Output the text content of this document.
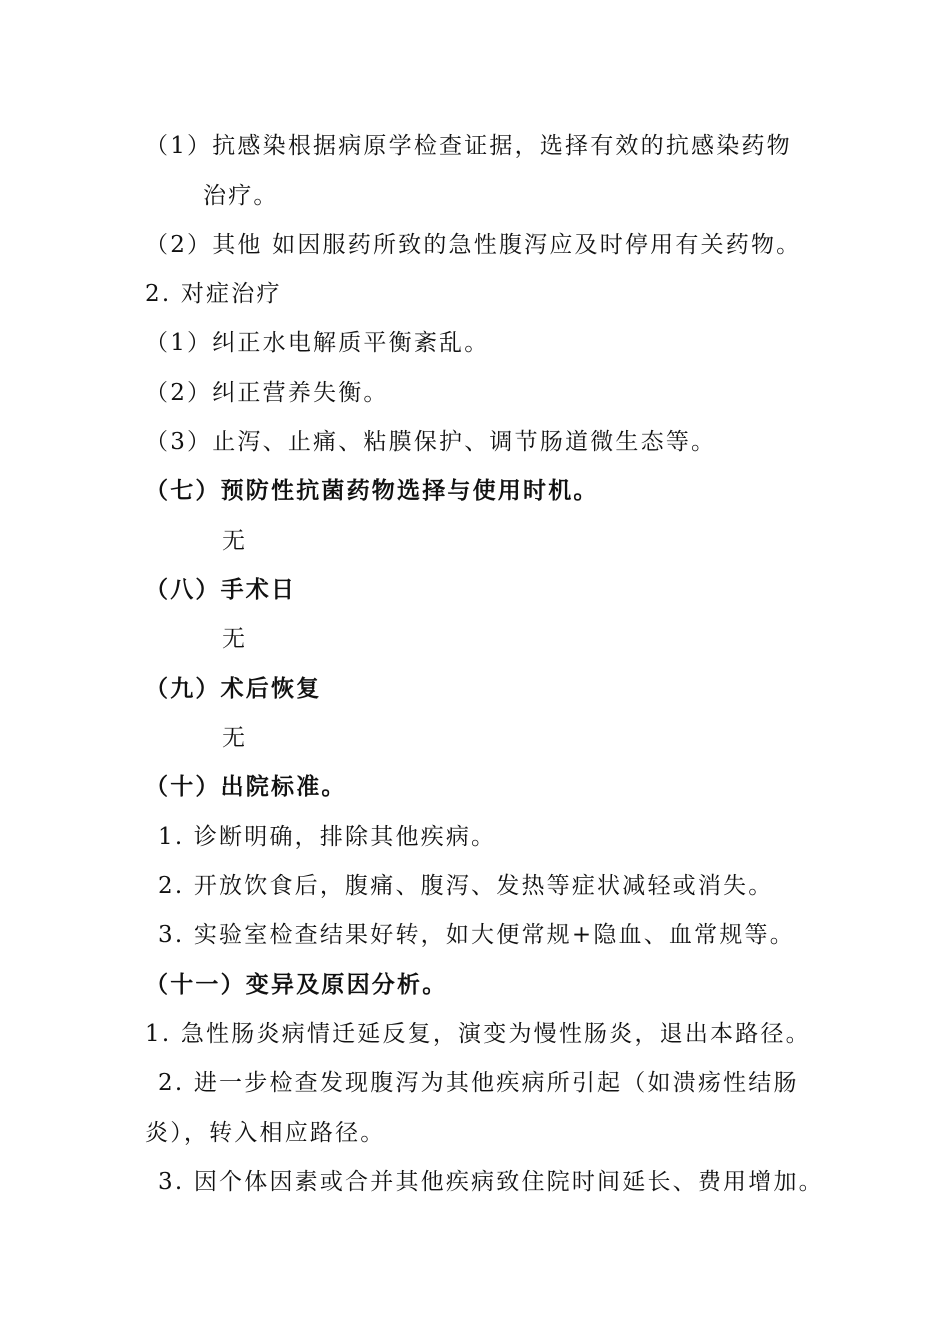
（1）抗感染根据病原学检查证据，选择有效的抗感染药物
治疗。
（2）其他 如因服药所致的急性腹泻应及时停用有关药物。
2. 对症治疗
（1）纠正水电解质平衡紊乱。
（2）纠正营养失衡。
（3）止泻、止痛、粘膜保护、调节肠道微生态等。
（七）预防性抗菌药物选择与使用时机。
无
（八）手术日
无
（九）术后恢复
无
（十）出院标准。
1. 诊断明确，排除其他疾病。
2. 开放饮食后，腹痛、腹泻、发热等症状减轻或消失。
3. 实验室检查结果好转，如大便常规+隐血、血常规等。
（十一）变异及原因分析。
1. 急性肠炎病情迁延反复，演变为慢性肠炎，退出本路径。
2. 进一步检查发现腹泻为其他疾病所引起（如溃疡性结肠
炎），转入相应路径。
3. 因个体因素或合并其他疾病致住院时间延长、费用增加。
